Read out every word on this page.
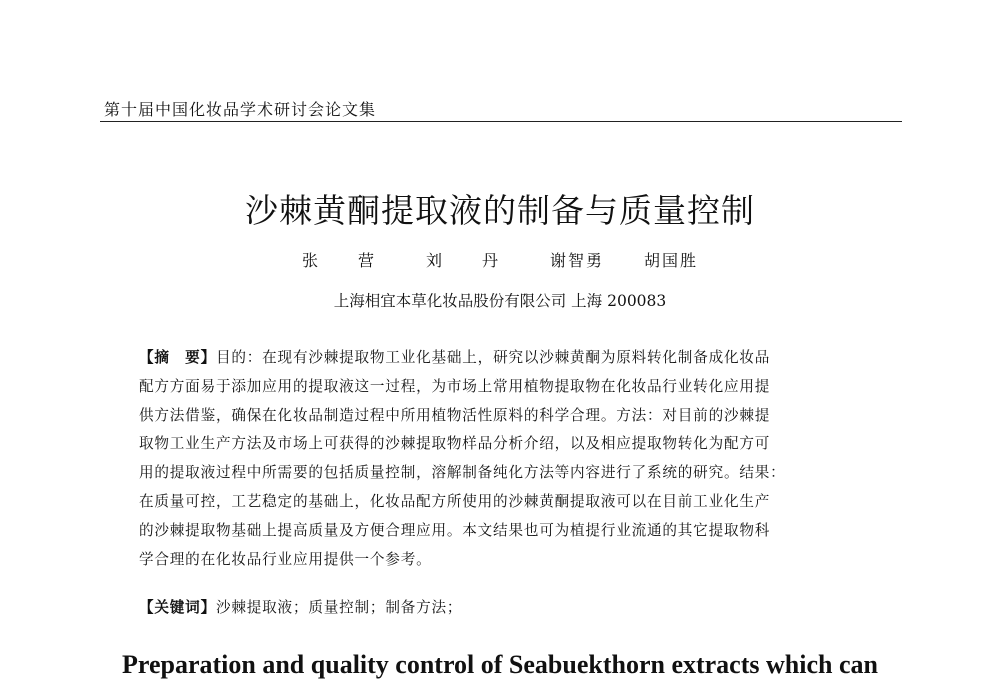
第十届中国化妆品学术研讨会论文集
沙棘黄酮提取液的制备与质量控制
张　营	刘　丹	谢智勇	胡国胜
上海相宜本草化妆品股份有限公司 上海 200083
【摘　要】目的：在现有沙棘提取物工业化基础上，研究以沙棘黄酮为原料转化制备成化妆品
配方方面易于添加应用的提取液这一过程，为市场上常用植物提取物在化妆品行业转化应用提
供方法借鉴，确保在化妆品制造过程中所用植物活性原料的科学合理。方法：对目前的沙棘提
取物工业生产方法及市场上可获得的沙棘提取物样品分析介绍，以及相应提取物转化为配方可
用的提取液过程中所需要的包括质量控制，溶解制备纯化方法等内容进行了系统的研究。结果：
在质量可控，工艺稳定的基础上，化妆品配方所使用的沙棘黄酮提取液可以在目前工业化生产
的沙棘提取物基础上提高质量及方便合理应用。本文结果也可为植提行业流通的其它提取物科
学合理的在化妆品行业应用提供一个参考。
【关键词】沙棘提取液；质量控制；制备方法；
Preparation and quality control of Seabuekthorn extracts which can
